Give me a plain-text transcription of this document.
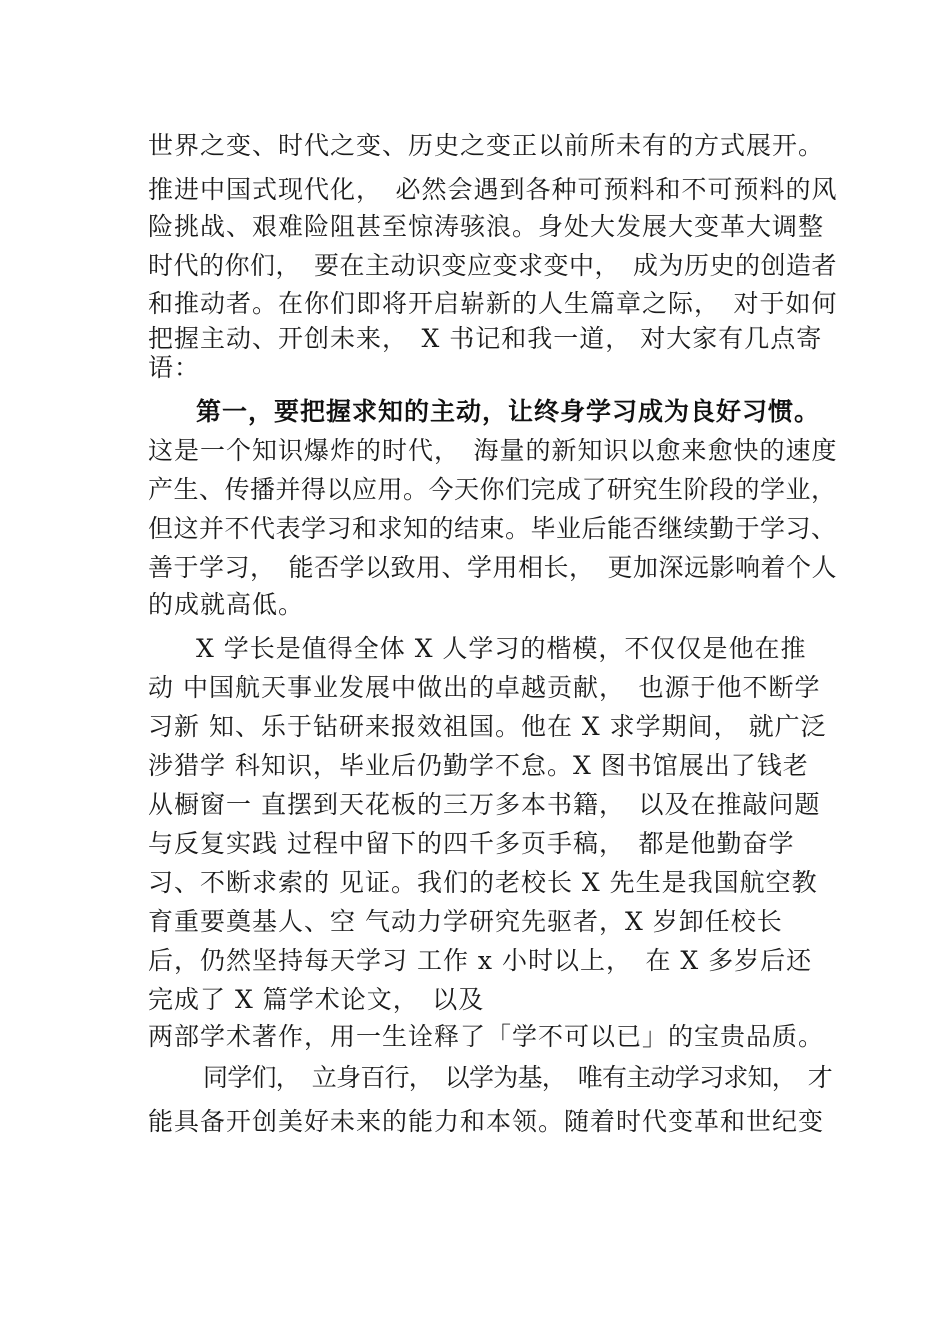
世界之变、时代之变、历史之变正以前所未有的方式展开。
推进中国式现代化，　必然会遇到各种可预料和不可预料的风
险挑战、艰难险阻甚至惊涛骇浪。身处大发展大变革大调整
时代的你们，　要在主动识变应变求变中，　成为历史的创造者
和推动者。在你们即将开启崭新的人生篇章之际，　对于如何
把握主动、开创未来，　X 书记和我一道， 对大家有几点寄
语：
第一，要把握求知的主动，让终身学习成为良好习惯。
这是一个知识爆炸的时代，　海量的新知识以愈来愈快的速度
产生、传播并得以应用。今天你们完成了研究生阶段的学业，
但这并不代表学习和求知的结束。毕业后能否继续勤于学习、
善于学习，　能否学以致用、学用相长，　更加深远影响着个人
的成就高低。
X 学长是值得全体 X 人学习的楷模，不仅仅是他在推
动 中国航天事业发展中做出的卓越贡献，　也源于他不断学
习新 知、乐于钻研来报效祖国。他在 X 求学期间， 就广泛
涉猎学 科知识，毕业后仍勤学不怠。X 图书馆展出了钱老
从橱窗一 直摆到天花板的三万多本书籍，　以及在推敲问题
与反复实践 过程中留下的四千多页手稿，　都是他勤奋学
习、不断求索的 见证。我们的老校长 X 先生是我国航空教
育重要奠基人、空 气动力学研究先驱者，X 岁卸任校长
后，仍然坚持每天学习 工作 x 小时以上，　在 X 多岁后还
完成了 X 篇学术论文，　以及
两部学术著作，用一生诠释了「学不可以已」的宝贵品质。
同学们，　立身百行，　以学为基，　唯有主动学习求知，　才
能具备开创美好未来的能力和本领。随着时代变革和世纪变
